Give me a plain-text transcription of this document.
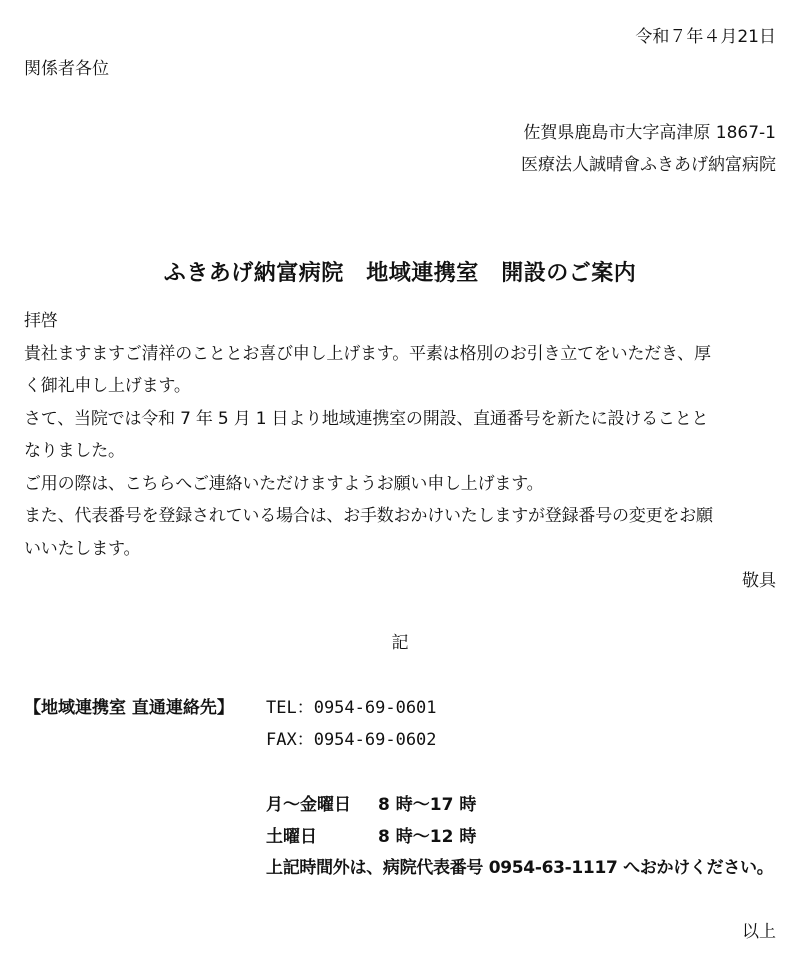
令和７年４月21日
関係者各位
佐賀県鹿島市大字高津原 1867-1
医療法人誠晴會ふきあげ納富病院
ふきあげ納富病院　地域連携室　開設のご案内
拝啓
貴社ますますご清祥のこととお喜び申し上げます。平素は格別のお引き立てをいただき、厚
く御礼申し上げます。
さて、当院では令和 7 年 5 月 1 日より地域連携室の開設、直通番号を新たに設けることと
なりました。
ご用の際は、こちらへご連絡いただけますようお願い申し上げます。
また、代表番号を登録されている場合は、お手数おかけいたしますが登録番号の変更をお願
いいたします。
敬具
記
【地域連携室 直通連絡先】 TEL：0954-69-0601
FAX：0954-69-0602
月～金曜日 8 時～17 時
土曜日	8 時～12 時
上記時間外は、病院代表番号 0954-63-1117 へおかけください。
以上
